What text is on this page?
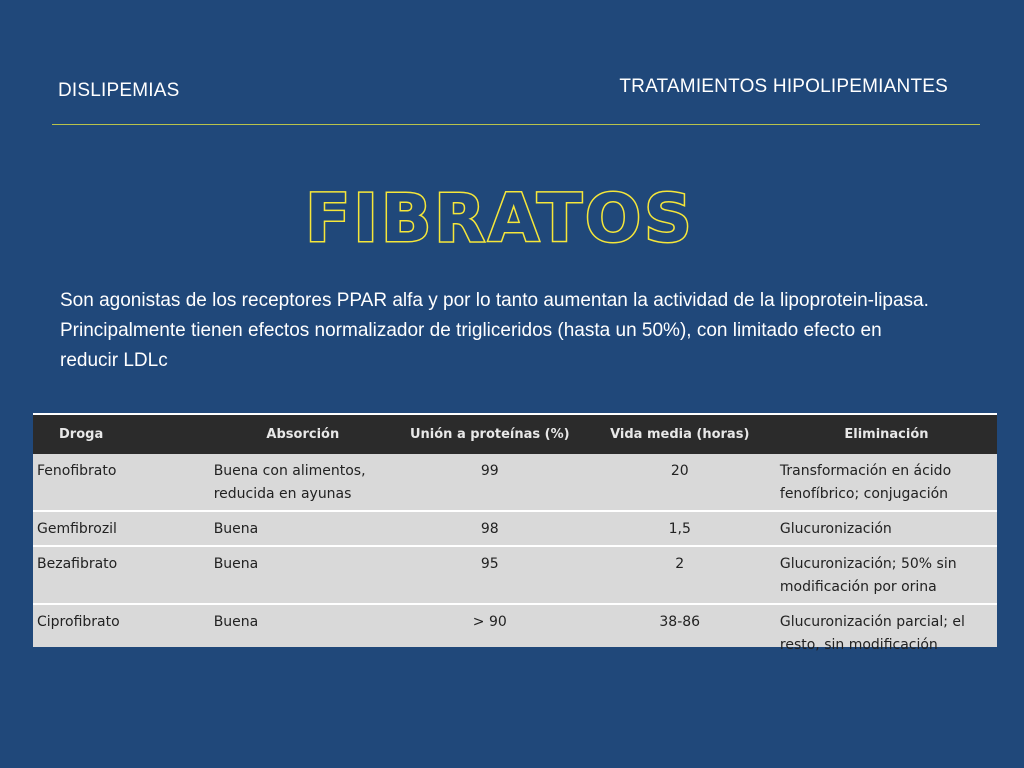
DISLIPEMIAS	TRATAMIENTOS HIPOLIPEMIANTES
FIBRATOS

Son agonistas de los receptores PPAR alfa y por lo tanto aumentan la actividad de la lipoprotein-lipasa.

Principalmente tienen efectos normalizador de trigliceridos (hasta un 50%), con limitado efecto en reducir LDLc

Droga	Absorción	Unión a proteínas (%)	Vida media (horas)	Eliminación
Fenofibrato	Buena con alimentos, reducida en ayunas	99	20	Transformación en ácido fenofíbrico; conjugación
Gemfibrozil	Buena	98	1,5	Glucuronización
Bezafibrato	Buena	95	2	Glucuronización; 50% sin modificación por orina
Ciprofibrato	Buena	> 90	38-86	Glucuronización parcial; el resto, sin modificación
